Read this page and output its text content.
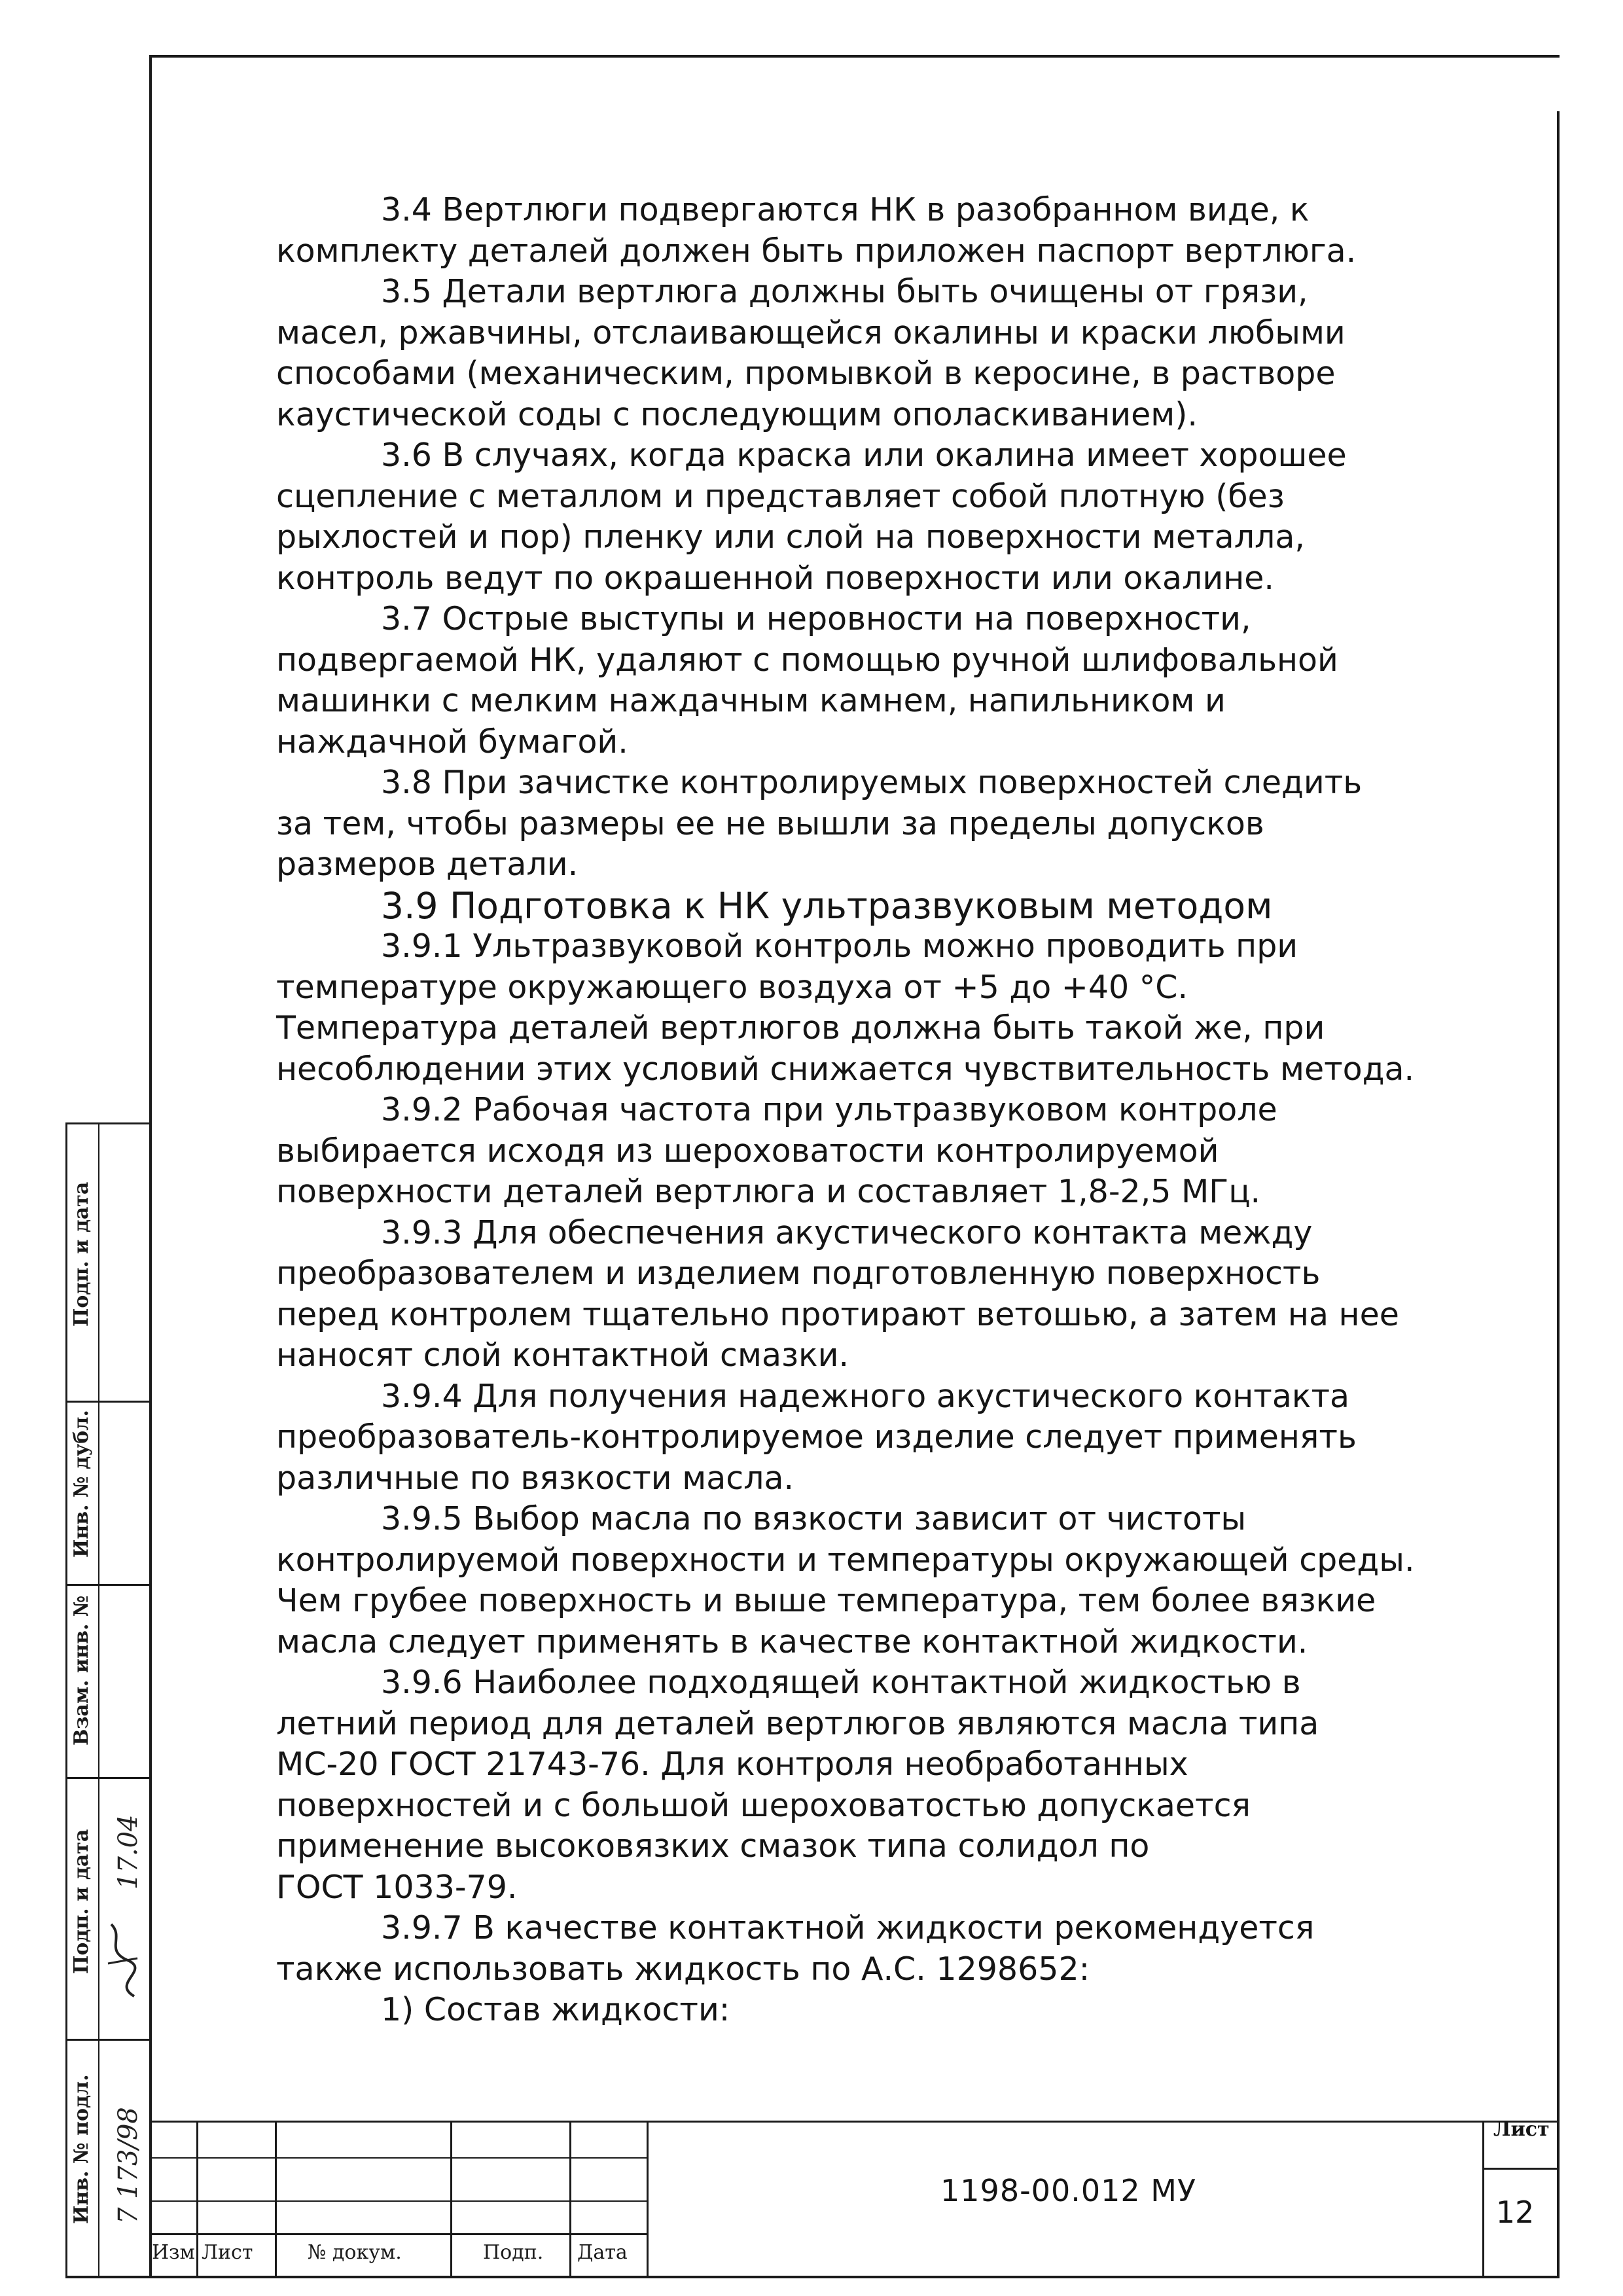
Инв. № подл.
Подп. и дата
Взам. инв. №
Инв. № дубл.
Подп. и дата
7 173/98
17.04
3.4 Вертлюги подвергаются НК в разобранном виде, к
комплекту деталей должен быть приложен паспорт вертлюга.
3.5 Детали вертлюга должны быть очищены от грязи,
масел, ржавчины, отслаивающейся окалины и краски любыми
способами (механическим, промывкой в керосине, в растворе
каустической соды с последующим ополаскиванием).
3.6 В случаях, когда краска или окалина имеет хорошее
сцепление с металлом и представляет собой плотную (без
рыхлостей и пор) пленку или слой на поверхности металла,
контроль ведут по окрашенной поверхности или окалине.
3.7 Острые выступы и неровности на поверхности,
подвергаемой НК, удаляют с помощью ручной шлифовальной
машинки с мелким наждачным камнем, напильником и
наждачной бумагой.
3.8 При зачистке контролируемых поверхностей следить
за тем, чтобы размеры ее не вышли за пределы допусков
размеров детали.
3.9 Подготовка к НК ультразвуковым методом
3.9.1 Ультразвуковой контроль можно проводить при
температуре окружающего воздуха от +5 до +40 °С.
Температура деталей вертлюгов должна быть такой же, при
несоблюдении этих условий снижается чувствительность метода.
3.9.2 Рабочая частота при ультразвуковом контроле
выбирается исходя из шероховатости контролируемой
поверхности деталей вертлюга и составляет 1,8-2,5 МГц.
3.9.3 Для обеспечения акустического контакта между
преобразователем и изделием подготовленную поверхность
перед контролем тщательно протирают ветошью, а затем на нее
наносят слой контактной смазки.
3.9.4 Для получения надежного акустического контакта
преобразователь-контролируемое изделие следует применять
различные по вязкости масла.
3.9.5 Выбор масла по вязкости зависит от чистоты
контролируемой поверхности и температуры окружающей среды.
Чем грубее поверхность и выше температура, тем более вязкие
масла следует применять в качестве контактной жидкости.
3.9.6 Наиболее подходящей контактной жидкостью в
летний период для деталей вертлюгов являются масла типа
МС-20 ГОСТ 21743-76. Для контроля необработанных
поверхностей и с большой шероховатостью допускается
применение высоковязких смазок типа солидол по
ГОСТ 1033-79.
3.9.7 В качестве контактной жидкости рекомендуется
также использовать жидкость по А.С. 1298652:
1) Состав жидкости:
Изм Лист	№ докум.	Подп. Дата
1198-00.012 МУ
Лист
12
